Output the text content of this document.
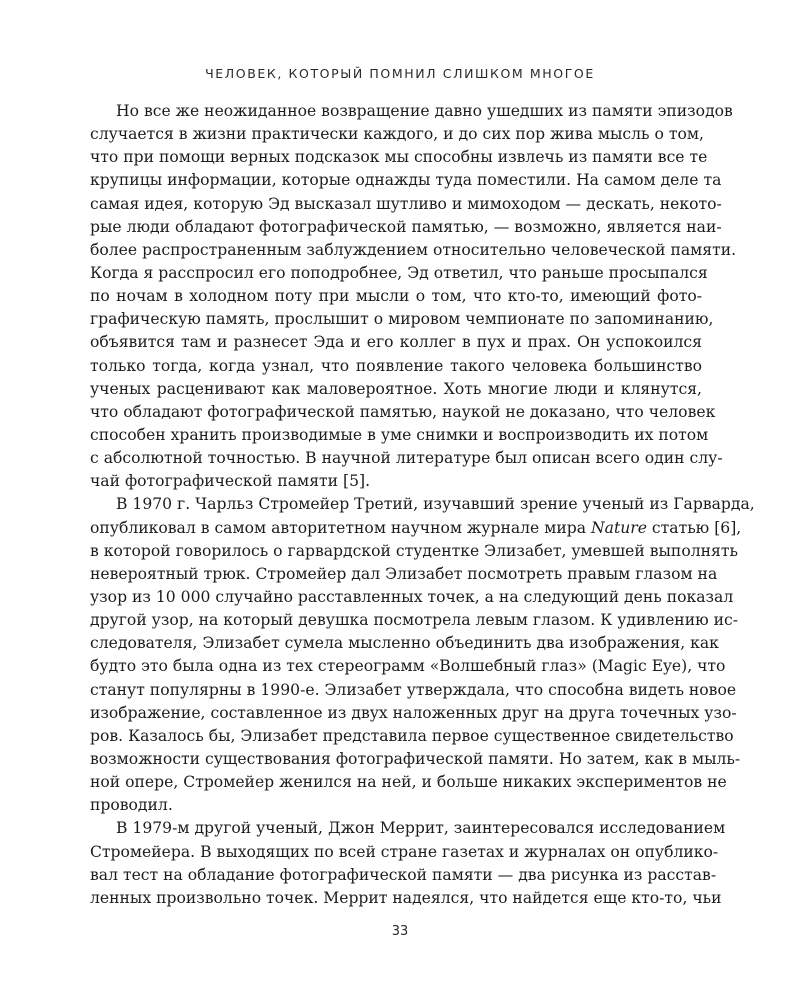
ЧЕЛОВЕК, КОТОРЫЙ ПОМНИЛ СЛИШКОМ МНОГОЕ
Но все же неожиданное возвращение давно ушедших из памяти эпизодов
случается в жизни практически каждого, и до сих пор жива мысль о том,
что при помощи верных подсказок мы способны извлечь из памяти все те
крупицы информации, которые однажды туда поместили. На самом деле та
самая идея, которую Эд высказал шутливо и мимоходом — дескать, некото-
рые люди обладают фотографической памятью, — возможно, является наи-
более распространенным заблуждением относительно человеческой памяти.
Когда я расспросил его поподробнее, Эд ответил, что раньше просыпался
по ночам в холодном поту при мысли о том, что кто-то, имеющий фото-
графическую память, прослышит о мировом чемпионате по запоминанию,
объявится там и разнесет Эда и его коллег в пух и прах. Он успокоился
только тогда, когда узнал, что появление такого человека большинство
ученых расценивают как маловероятное. Хоть многие люди и клянутся,
что обладают фотографической памятью, наукой не доказано, что человек
способен хранить производимые в уме снимки и воспроизводить их потом
с абсолютной точностью. В научной литературе был описан всего один слу-
чай фотографической памяти [5].
В 1970 г. Чарльз Стромейер Третий, изучавший зрение ученый из Гарварда,
опубликовал в самом авторитетном научном журнале мира Nature статью [6],
в которой говорилось о гарвардской студентке Элизабет, умевшей выполнять
невероятный трюк. Стромейер дал Элизабет посмотреть правым глазом на
узор из 10 000 случайно расставленных точек, а на следующий день показал
другой узор, на который девушка посмотрела левым глазом. К удивлению ис-
следователя, Элизабет сумела мысленно объединить два изображения, как
будто это была одна из тех стереограмм «Волшебный глаз» (Magic Eye), что
станут популярны в 1990-е. Элизабет утверждала, что способна видеть новое
изображение, составленное из двух наложенных друг на друга точечных узо-
ров. Казалось бы, Элизабет представила первое существенное свидетельство
возможности существования фотографической памяти. Но затем, как в мыль-
ной опере, Стромейер женился на ней, и больше никаких экспериментов не
проводил.
В 1979-м другой ученый, Джон Меррит, заинтересовался исследованием
Стромейера. В выходящих по всей стране газетах и журналах он опублико-
вал тест на обладание фотографической памяти — два рисунка из расстав-
ленных произвольно точек. Меррит надеялся, что найдется еще кто-то, чьи
33
